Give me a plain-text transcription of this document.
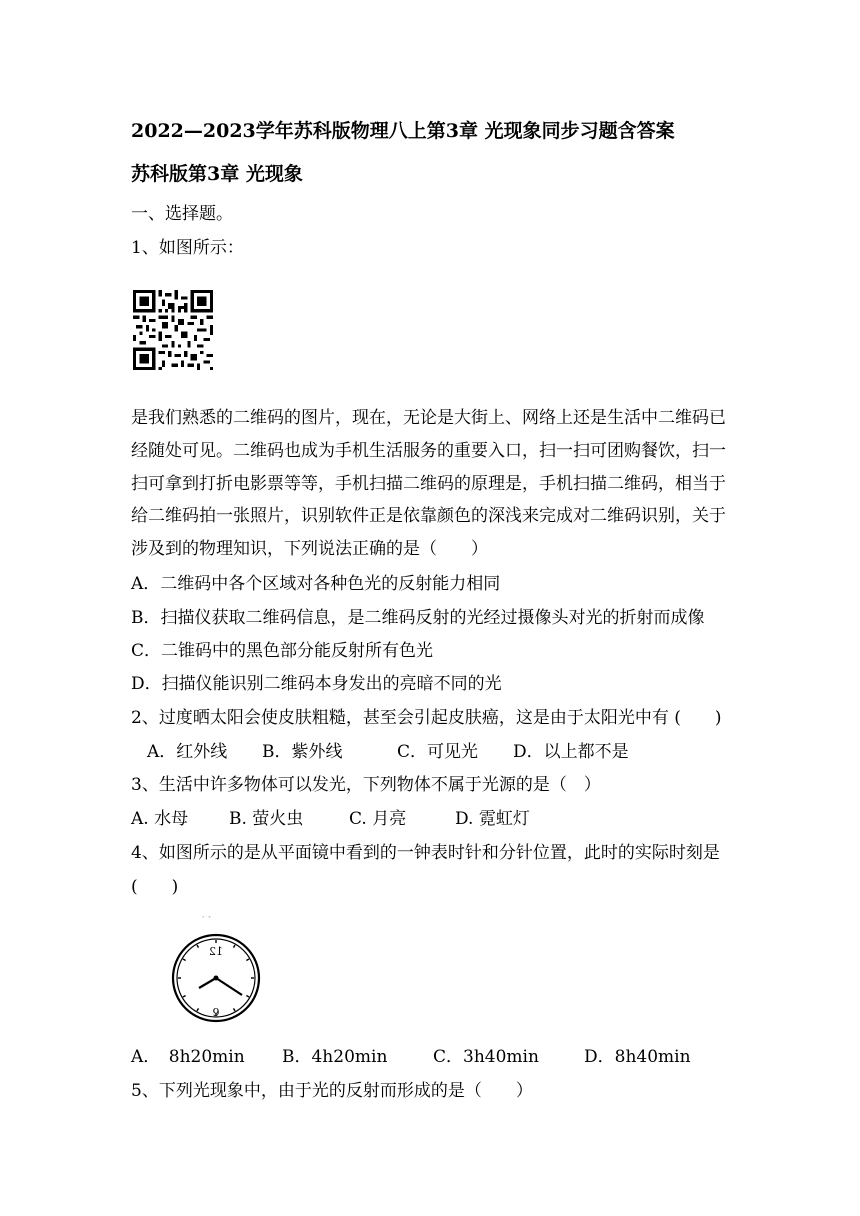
2022—2023学年苏科版物理八上第3章 光现象同步习题含答案
苏科版第3章 光现象
一、选择题。
1、如图所示：
是我们熟悉的二维码的图片，现在，无论是大街上、网络上还是生活中二维码已
经随处可见。二维码也成为手机生活服务的重要入口，扫一扫可团购餐饮，扫一
扫可拿到打折电影票等等，手机扫描二维码的原理是，手机扫描二维码，相当于
给二维码拍一张照片，识别软件正是依靠颜色的深浅来完成对二维码识别，关于
涉及到的物理知识，下列说法正确的是（　　）
A．二维码中各个区域对各种色光的反射能力相同
B．扫描仪获取二维码信息，是二维码反射的光经过摄像头对光的折射而成像
C．二锥码中的黑色部分能反射所有色光
D．扫描仪能识别二维码本身发出的亮暗不同的光
2、过度晒太阳会使皮肤粗糙，甚至会引起皮肤癌，这是由于太阳光中有 (　　)
A．红外线 B．紫外线	C．可见光 D．以上都不是
3、生活中许多物体可以发光，下列物体不属于光源的是（　）
A. 水母 B. 萤火虫	C. 月亮	D. 霓虹灯
4、如图所示的是从平面镜中看到的一钟表时针和分针位置，此时的实际时刻是
(　　)
ﾞ ˇ
12
6
A．　8h20min B．4h20min	C．3h40min	D．8h40min
5、下列光现象中，由于光的反射而形成的是（　　）
